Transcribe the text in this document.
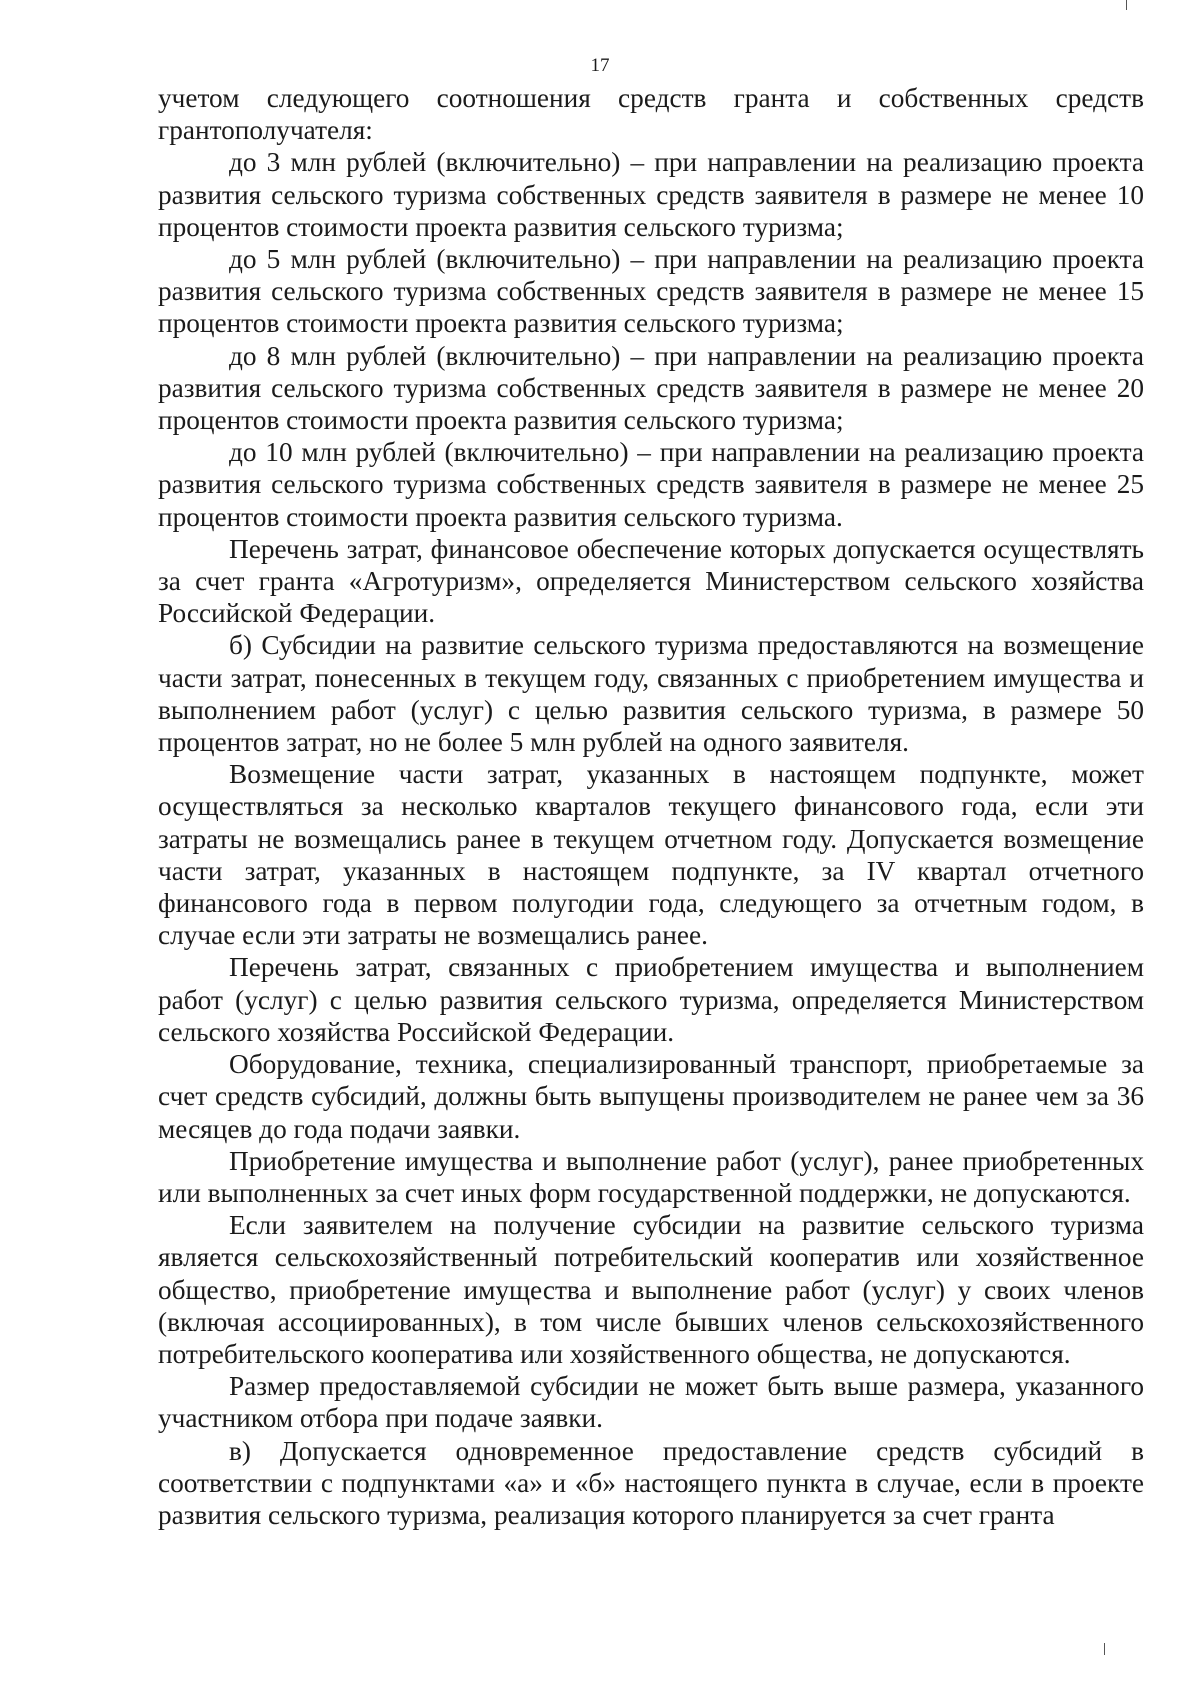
17

учетом следующего соотношения средств гранта и собственных средств грантополучателя:

до 3 млн рублей (включительно) – при направлении на реализацию проекта развития сельского туризма собственных средств заявителя в размере не менее 10 процентов стоимости проекта развития сельского туризма;

до 5 млн рублей (включительно) – при направлении на реализацию проекта развития сельского туризма собственных средств заявителя в размере не менее 15 процентов стоимости проекта развития сельского туризма;

до 8 млн рублей (включительно) – при направлении на реализацию проекта развития сельского туризма собственных средств заявителя в размере не менее 20 процентов стоимости проекта развития сельского туризма;

до 10 млн рублей (включительно) – при направлении на реализацию проекта развития сельского туризма собственных средств заявителя в размере не менее 25 процентов стоимости проекта развития сельского туризма.

Перечень затрат, финансовое обеспечение которых допускается осуществлять за счет гранта «Агротуризм», определяется Министерством сельского хозяйства Российской Федерации.

б) Субсидии на развитие сельского туризма предоставляются на возмещение части затрат, понесенных в текущем году, связанных с приобретением имущества и выполнением работ (услуг) с целью развития сельского туризма, в размере 50 процентов затрат, но не более 5 млн рублей на одного заявителя.

Возмещение части затрат, указанных в настоящем подпункте, может осуществляться за несколько кварталов текущего финансового года, если эти затраты не возмещались ранее в текущем отчетном году. Допускается возмещение части затрат, указанных в настоящем подпункте, за IV квартал отчетного финансового года в первом полугодии года, следующего за отчетным годом, в случае если эти затраты не возмещались ранее.

Перечень затрат, связанных с приобретением имущества и выполнением работ (услуг) с целью развития сельского туризма, определяется Министерством сельского хозяйства Российской Федерации.

Оборудование, техника, специализированный транспорт, приобретаемые за счет средств субсидий, должны быть выпущены производителем не ранее чем за 36 месяцев до года подачи заявки.

Приобретение имущества и выполнение работ (услуг), ранее приобретенных или выполненных за счет иных форм государственной поддержки, не допускаются.

Если заявителем на получение субсидии на развитие сельского туризма является сельскохозяйственный потребительский кооператив или хозяйственное общество, приобретение имущества и выполнение работ (услуг) у своих членов (включая ассоциированных), в том числе бывших членов сельскохозяйственного потребительского кооператива или хозяйственного общества, не допускаются.

Размер предоставляемой субсидии не может быть выше размера, указанного участником отбора при подаче заявки.

в) Допускается одновременное предоставление средств субсидий в соответствии с подпунктами «а» и «б» настоящего пункта в случае, если в проекте развития сельского туризма, реализация которого планируется за счет гранта
